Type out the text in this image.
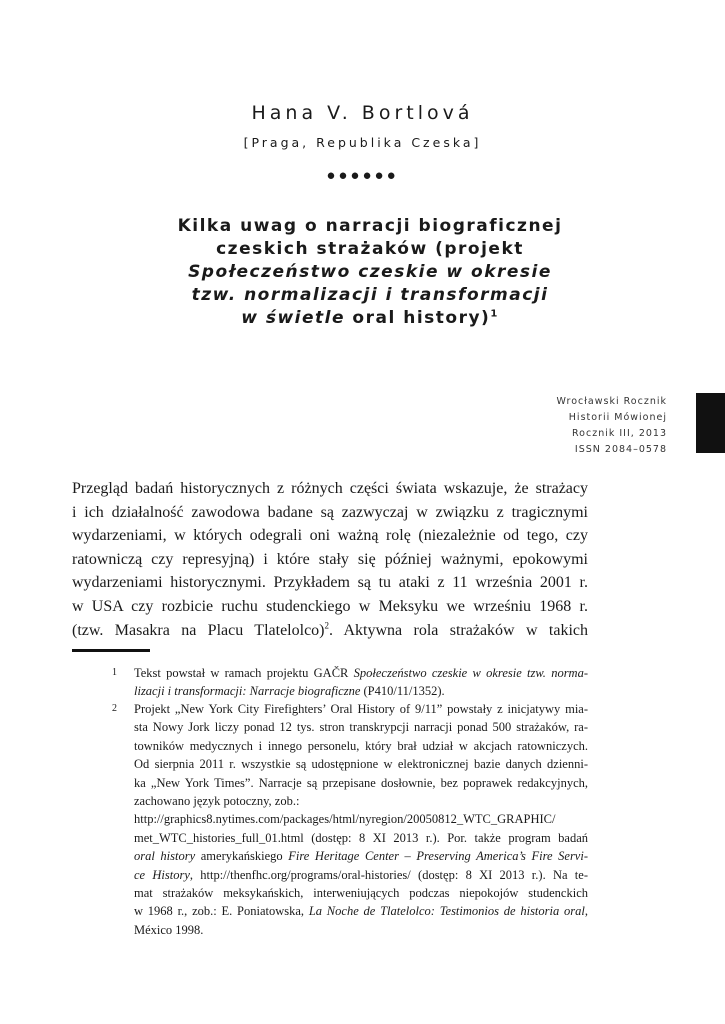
Hana V. Bortlová
[Praga, Republika Czeska]
●●●●●●
Kilka uwag o narracji biograficznej
czeskich strażaków (projekt
Społeczeństwo czeskie w okresie
tzw. normalizacji i transformacji
w świetle oral history)$^1$
Wrocławski Rocznik
Historii Mówionej
Rocznik III, 2013
ISSN 2084–0578
Przegląd badań historycznych z różnych części świata wskazuje, że strażacy
i ich działalność zawodowa badane są zazwyczaj w związku z tragicznymi
wydarzeniami, w których odegrali oni ważną rolę (niezależnie od tego, czy
ratowniczą czy represyjną) i które stały się później ważnymi, epokowymi
wydarzeniami historycznymi. Przykładem są tu ataki z 11 września 2001 r.
w USA czy rozbicie ruchu studenckiego w Meksyku we wrześniu 1968 r.
(tzw. Masakra na Placu Tlatelolco)$^2$. Aktywna rola strażaków w takich
1 Tekst powstał w ramach projektu GAČR Społeczeństwo czeskie w okresie tzw. norma-
lizacji i transformacji: Narracje biograficzne (P410/11/1352).
2 Projekt „New York City Firefighters’ Oral History of 9/11” powstały z inicjatywy mia-
sta Nowy Jork liczy ponad 12 tys. stron transkrypcji narracji ponad 500 strażaków, ra-
towników medycznych i innego personelu, który brał udział w akcjach ratowniczych.
Od sierpnia 2011 r. wszystkie są udostępnione w elektronicznej bazie danych dzienni-
ka „New York Times”. Narracje są przepisane dosłownie, bez poprawek redakcyjnych,
zachowano język potoczny, zob.:
http://graphics8.nytimes.com/packages/html/nyregion/20050812_WTC_GRAPHIC/
met_WTC_histories_full_01.html (dostęp: 8 XI 2013 r.). Por. także program badań
oral history amerykańskiego Fire Heritage Center – Preserving America’s Fire Servi-
ce History, http://thenfhc.org/programs/oral-histories/ (dostęp: 8 XI 2013 r.). Na te-
mat strażaków meksykańskich, interweniujących podczas niepokojów studenckich
w 1968 r., zob.: E. Poniatowska, La Noche de Tlatelolco: Testimonios de historia oral,
México 1998.
